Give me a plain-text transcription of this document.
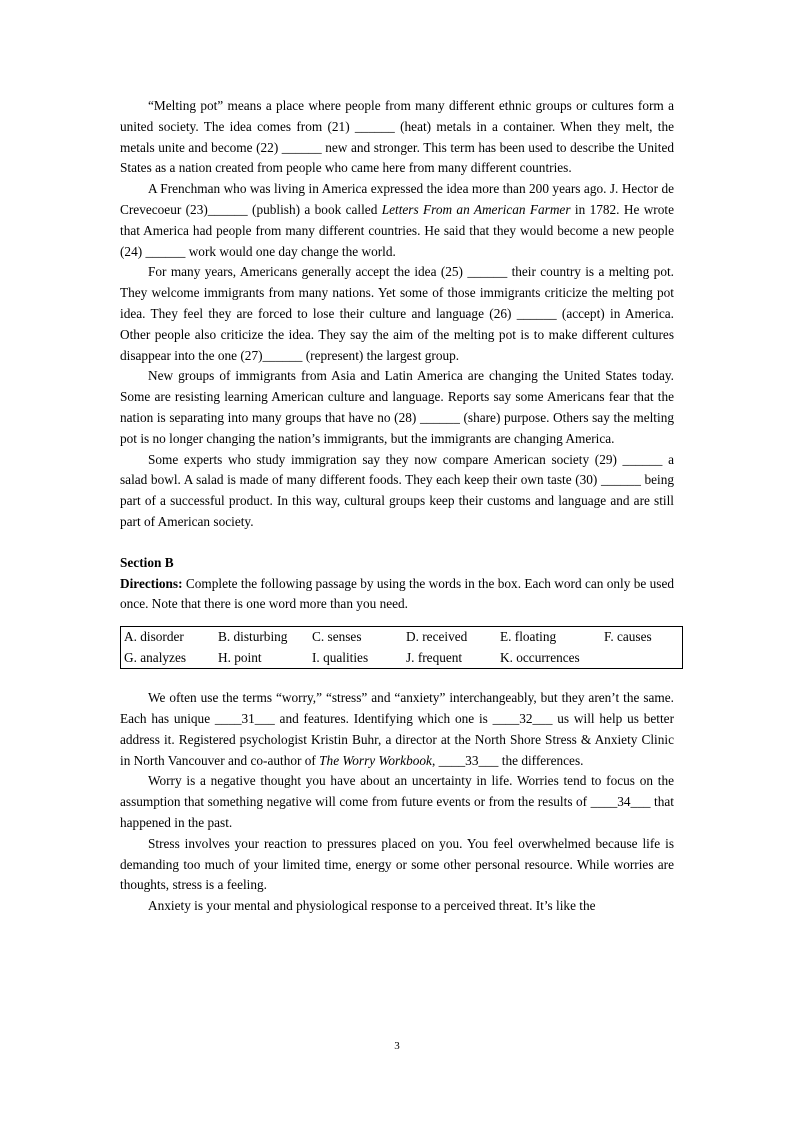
“Melting pot” means a place where people from many different ethnic groups or cultures form a united society. The idea comes from (21) ______ (heat) metals in a container. When they melt, the metals unite and become (22) ______ new and stronger. This term has been used to describe the United States as a nation created from people who came here from many different countries.

A Frenchman who was living in America expressed the idea more than 200 years ago. J. Hector de Crevecoeur (23)______ (publish) a book called Letters From an American Farmer in 1782. He wrote that America had people from many different countries. He said that they would become a new people (24) ______ work would one day change the world.

For many years, Americans generally accept the idea (25) ______ their country is a melting pot. They welcome immigrants from many nations. Yet some of those immigrants criticize the melting pot idea. They feel they are forced to lose their culture and language (26) ______ (accept) in America. Other people also criticize the idea. They say the aim of the melting pot is to make different cultures disappear into the one (27)______ (represent) the largest group.

New groups of immigrants from Asia and Latin America are changing the United States today. Some are resisting learning American culture and language. Reports say some Americans fear that the nation is separating into many groups that have no (28) ______ (share) purpose. Others say the melting pot is no longer changing the nation’s immigrants, but the immigrants are changing America.

Some experts who study immigration say they now compare American society (29) ______ a salad bowl. A salad is made of many different foods. They each keep their own taste (30) ______ being part of a successful product. In this way, cultural groups keep their customs and language and are still part of American society.

Section B

Directions: Complete the following passage by using the words in the box. Each word can only be used once. Note that there is one word more than you need.

A. disorder	B. disturbing	C. senses	D. received	E. floating	F. causes
G. analyzes	H. point	I. qualities	J. frequent	K. occurrences	

We often use the terms “worry,” “stress” and “anxiety” interchangeably, but they aren’t the same. Each has unique ____31___ and features. Identifying which one is ____32___ us will help us better address it. Registered psychologist Kristin Buhr, a director at the North Shore Stress & Anxiety Clinic in North Vancouver and co-author of The Worry Workbook, ____33___ the differences.

Worry is a negative thought you have about an uncertainty in life. Worries tend to focus on the assumption that something negative will come from future events or from the results of ____34___ that happened in the past.

Stress involves your reaction to pressures placed on you. You feel overwhelmed because life is demanding too much of your limited time, energy or some other personal resource. While worries are thoughts, stress is a feeling.

Anxiety is your mental and physiological response to a perceived threat. It’s like the

3
